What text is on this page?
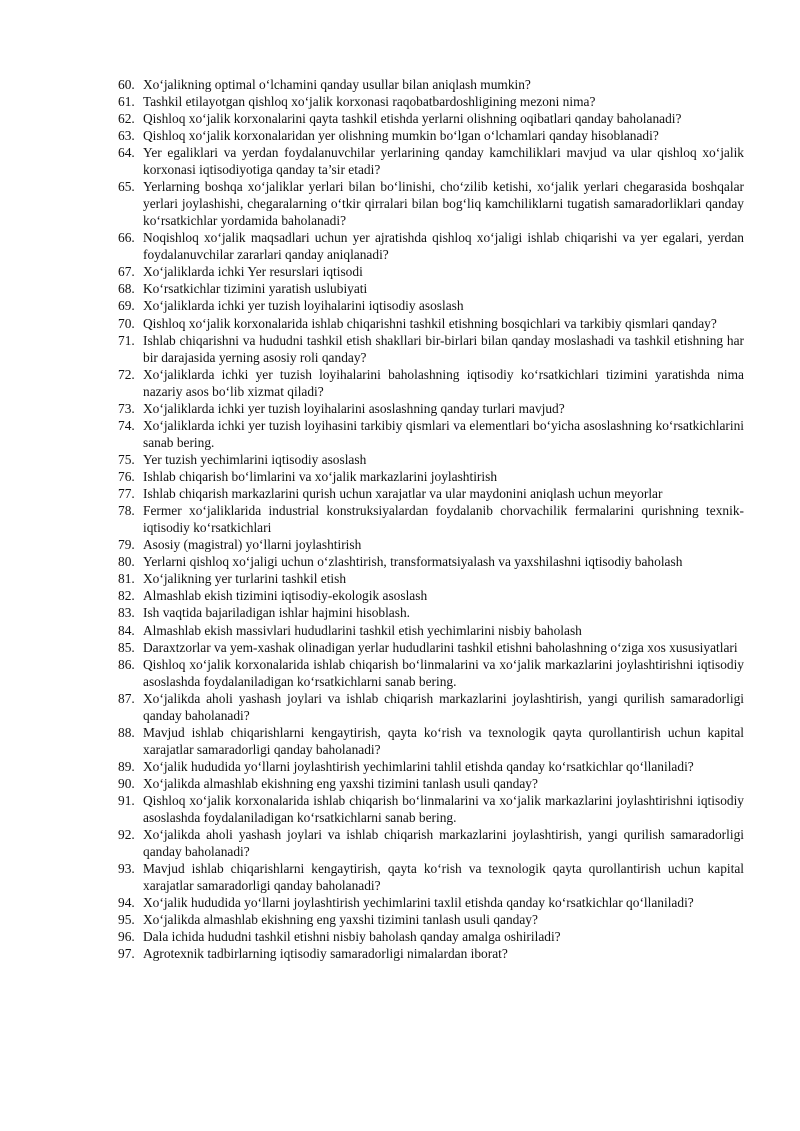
60. Xo‘jalikning optimal o‘lchamini qanday usullar bilan aniqlash mumkin?
61. Tashkil etilayotgan qishloq xo‘jalik korxonasi raqobatbardoshligining mezoni nima?
62. Qishloq xo‘jalik korxonalarini qayta tashkil etishda yerlarni olishning oqibatlari qanday baholanadi?
63. Qishloq xo‘jalik korxonalaridan yer olishning mumkin bo‘lgan o‘lchamlari qanday hisoblanadi?
64. Yer egaliklari va yerdan foydalanuvchilar yerlarining qanday kamchiliklari mavjud va ular qishloq xo‘jalik korxonasi iqtisodiyotiga qanday ta’sir etadi?
65. Yerlarning boshqa xo‘jaliklar yerlari bilan bo‘linishi, cho‘zilib ketishi, xo‘jalik yerlari chegarasida boshqalar yerlari joylashishi, chegaralarning o‘tkir qirralari bilan bog‘liq kamchiliklarni tugatish samaradorliklari qanday ko‘rsatkichlar yordamida baholanadi?
66. Noqishloq xo‘jalik maqsadlari uchun yer ajratishda qishloq xo‘jaligi ishlab chiqarishi va yer egalari, yerdan foydalanuvchilar zararlari qanday aniqlanadi?
67. Xo‘jaliklarda ichki Yer resurslari iqtisodi
68. Ko‘rsatkichlar tizimini yaratish uslubiyati
69. Xo‘jaliklarda ichki yer tuzish loyihalarini iqtisodiy asoslash
70. Qishloq xo‘jalik korxonalarida ishlab chiqarishni tashkil etishning bosqichlari va tarkibiy qismlari qanday?
71. Ishlab chiqarishni va hududni tashkil etish shakllari bir-birlari bilan qanday moslashadi va tashkil etishning har bir darajasida yerning asosiy roli qanday?
72. Xo‘jaliklarda ichki yer tuzish loyihalarini baholashning iqtisodiy ko‘rsatkichlari tizimini yaratishda nima nazariy asos bo‘lib xizmat qiladi?
73. Xo‘jaliklarda ichki yer tuzish loyihalarini asoslashning qanday turlari mavjud?
74. Xo‘jaliklarda ichki yer tuzish loyihasini tarkibiy qismlari va elementlari bo‘yicha asoslashning ko‘rsatkichlarini sanab bering.
75. Yer tuzish yechimlarini iqtisodiy asoslash
76. Ishlab chiqarish bo‘limlarini va xo‘jalik markazlarini joylashtirish
77. Ishlab chiqarish markazlarini qurish uchun xarajatlar va ular maydonini aniqlash uchun meyorlar
78. Fermer xo‘jaliklarida industrial konstruksiyalardan foydalanib chorvachilik fermalarini qurishning texnik-iqtisodiy ko‘rsatkichlari
79. Asosiy (magistral) yo‘llarni joylashtirish
80. Yerlarni qishloq xo‘jaligi uchun o‘zlashtirish, transformatsiyalash va yaxshilashni iqtisodiy baholash
81. Xo‘jalikning yer turlarini tashkil etish
82. Almashlab ekish tizimini iqtisodiy-ekologik asoslash
83. Ish vaqtida bajariladigan ishlar hajmini hisoblash.
84. Almashlab ekish massivlari hududlarini tashkil etish yechimlarini nisbiy baholash
85. Daraxtzorlar va yem-xashak olinadigan yerlar hududlarini tashkil etishni baholashning o‘ziga xos xususiyatlari
86. Qishloq xo‘jalik korxonalarida ishlab chiqarish bo‘linmalarini va xo‘jalik markazlarini joylashtirishni iqtisodiy asoslashda foydalaniladigan ko‘rsatkichlarni sanab bering.
87. Xo‘jalikda aholi yashash joylari va ishlab chiqarish markazlarini joylashtirish, yangi qurilish samaradorligi qanday baholanadi?
88. Mavjud ishlab chiqarishlarni kengaytirish, qayta ko‘rish va texnologik qayta qurollantirish uchun kapital xarajatlar samaradorligi qanday baholanadi?
89. Xo‘jalik hududida yo‘llarni joylashtirish yechimlarini tahlil etishda qanday ko‘rsatkichlar qo‘llaniladi?
90. Xo‘jalikda almashlab ekishning eng yaxshi tizimini tanlash usuli qanday?
91. Qishloq xo‘jalik korxonalarida ishlab chiqarish bo‘linmalarini va xo‘jalik markazlarini joylashtirishni iqtisodiy asoslashda foydalaniladigan ko‘rsatkichlarni sanab bering.
92. Xo‘jalikda aholi yashash joylari va ishlab chiqarish markazlarini joylashtirish, yangi qurilish samaradorligi qanday baholanadi?
93. Mavjud ishlab chiqarishlarni kengaytirish, qayta ko‘rish va texnologik qayta qurollantirish uchun kapital xarajatlar samaradorligi qanday baholanadi?
94. Xo‘jalik hududida yo‘llarni joylashtirish yechimlarini taxlil etishda qanday ko‘rsatkichlar qo‘llaniladi?
95. Xo‘jalikda almashlab ekishning eng yaxshi tizimini tanlash usuli qanday?
96. Dala ichida hududni tashkil etishni nisbiy baholash qanday amalga oshiriladi?
97. Agrotexnik tadbirlarning iqtisodiy samaradorligi nimalardan iborat?
